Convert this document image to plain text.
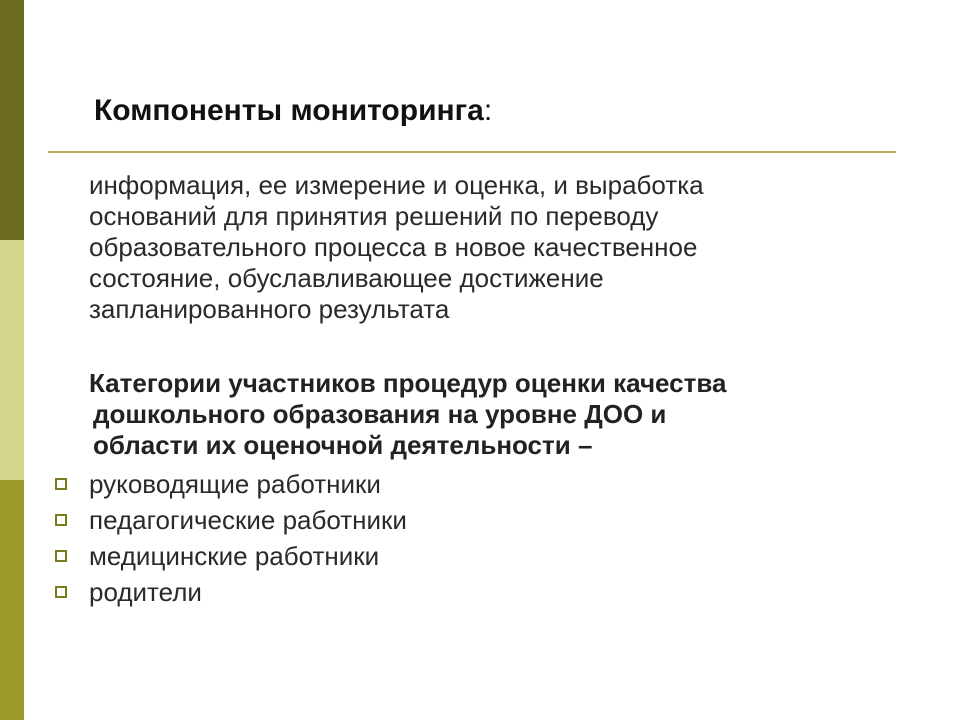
Компоненты мониторинга:

информация, ее измерение и оценка, и выработка
оснований для принятия решений по переводу
образовательного процесса в новое качественное
состояние, обуславливающее достижение
запланированного результата

Категории участников процедур оценки качества
дошкольного образования на уровне ДОО и
области их оценочной деятельности –

руководящие работники
педагогические работники
медицинские работники
родители
